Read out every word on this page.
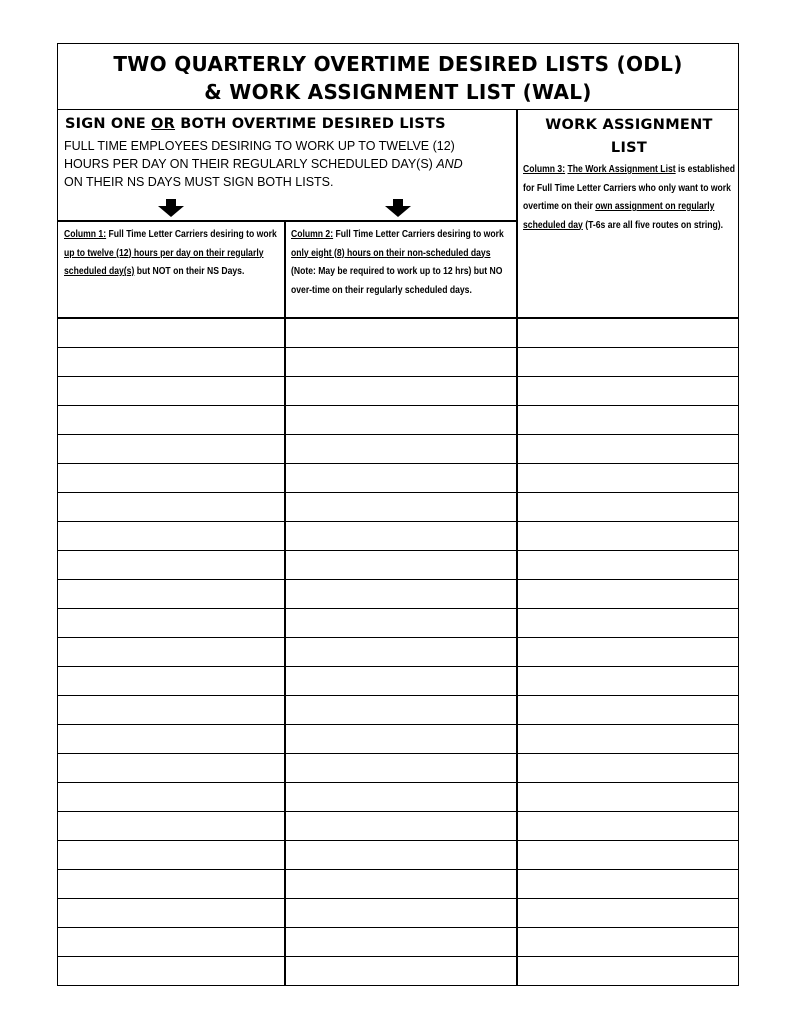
TWO QUARTERLY OVERTIME DESIRED LISTS (ODL)
& WORK ASSIGNMENT LIST (WAL)
SIGN ONE OR BOTH OVERTIME DESIRED LISTS
FULL TIME EMPLOYEES DESIRING TO WORK UP TO TWELVE (12)
HOURS PER DAY ON THEIR REGULARLY SCHEDULED DAY(S) AND
ON THEIR NS DAYS MUST SIGN BOTH LISTS.
WORK ASSIGNMENT
LIST
Column 1: Full Time Letter Carriers desiring to work up to twelve (12) hours per day on their regularly scheduled day(s) but NOT on their NS Days.
Column 2: Full Time Letter Carriers desiring to work only eight (8) hours on their non-scheduled days (Note: May be required to work up to 12 hrs) but NO over-time on their regularly scheduled days.
Column 3: The Work Assignment List is established for Full Time Letter Carriers who only want to work overtime on their own assignment on regularly scheduled day (T-6s are all five routes on string).
